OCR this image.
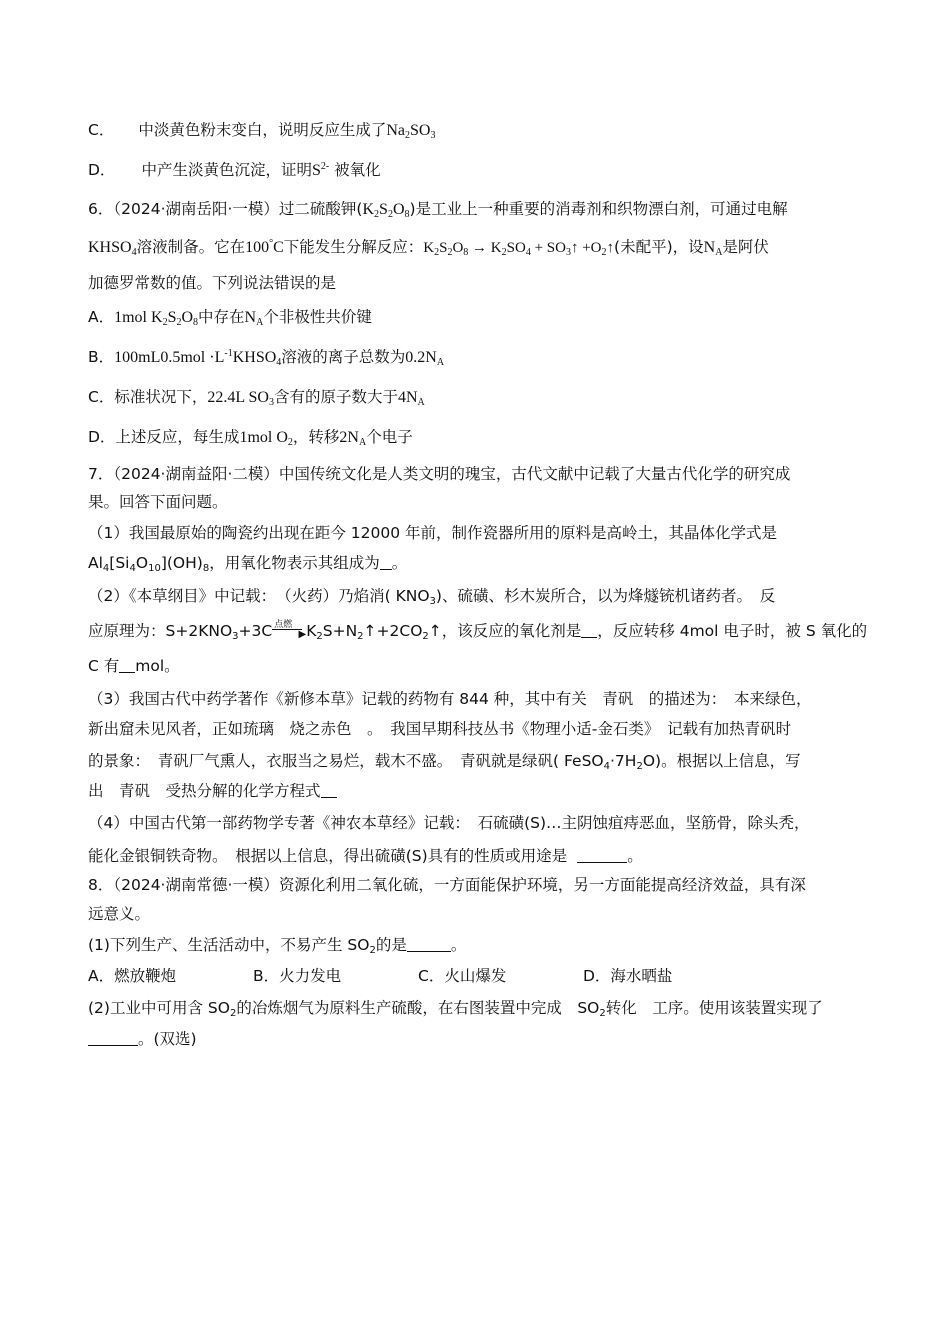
C． 中淡黄色粉末变白，说明反应生成了$Na_2SO_3$
D． 中产生淡黄色沉淀，证明$S^{2-}$ 被氧化
6．（2024·湖南岳阳·一模）过二硫酸钾$(K_2S_2O_8)$是工业上一种重要的消毒剂和织物漂白剂，可通过电解
$KHSO_4$溶液制备。它在100°C下能发生分解反应：$K_2S_2O_8 \to K_2SO_4$ + $SO_3↑$ $+O_2↑$(未配平)，设$N_A$是阿伏
加德罗常数的值。下列说法错误的是
A．1mol $K_2S_2O_8$中存在$N_A$个非极性共价键
B．$100mL0.5mol \cdot L^{-1}KHSO_4$溶液的离子总数为$0.2N_A$
C．标准状况下，22.4L $SO_3$含有的原子数大于$4N_A$
D．上述反应，每生成1mol $O_2$，转移$2N_A$个电子
7．（2024·湖南益阳·二模）中国传统文化是人类文明的瑰宝，古代文献中记载了大量古代化学的研究成
果。回答下面问题。
（1）我国最原始的陶瓷约出现在距今 12000 年前，制作瓷器所用的原料是高岭土，其晶体化学式是
$Al_4[Si_4O_{10}](OH)_8$，用氧化物表示其组成为 。
（2）《本草纲目》中记载：　（火药）乃焰消( $KNO_3$)、硫磺、杉木炭所合，以为烽燧铳机诸药者。　反
应原理为：$S+2KNO_3+3C$ 点燃
▶ $K_2S+N_2↑+2CO_2↑$，该反应的氧化剂是 ，反应转移 4mol 电子时，被 S 氧化的
C 有 mol。
（3）我国古代中药学著作《新修本草》记载的药物有 844 种，其中有关　青矾　的描述为：　本来绿色，
新出窟未见风者，正如琉璃　烧之赤色　。　我国早期科技丛书《物理小适-金石类》　记载有加热青矾时
的景象：　青矾厂气熏人，衣服当之易烂，载木不盛。　青矾就是绿矾( $FeSO_4\cdot 7H_2O$)。根据以上信息，写
出　青矾　受热分解的化学方程式
（4）中国古代第一部药物学专著《神农本草经》记载：　石硫磺(S)…主阴蚀疽痔恶血，坚筋骨，除头秃，
能化金银铜铁奇物。　根据以上信息，得出硫磺(S)具有的性质或用途是	。
8．（2024·湖南常德·一模）资源化利用二氧化硫，一方面能保护环境，另一方面能提高经济效益，具有深
远意义。
(1)下列生产、生活活动中，不易产生 $SO_2$的是	。
A．燃放鞭炮	B．火力发电	C．火山爆发	D．海水晒盐
(2)工业中可用含 $SO_2$的冶炼烟气为原料生产硫酸，在右图装置中完成　$SO_2$转化　工序。使用该装置实现了
。(双选)
